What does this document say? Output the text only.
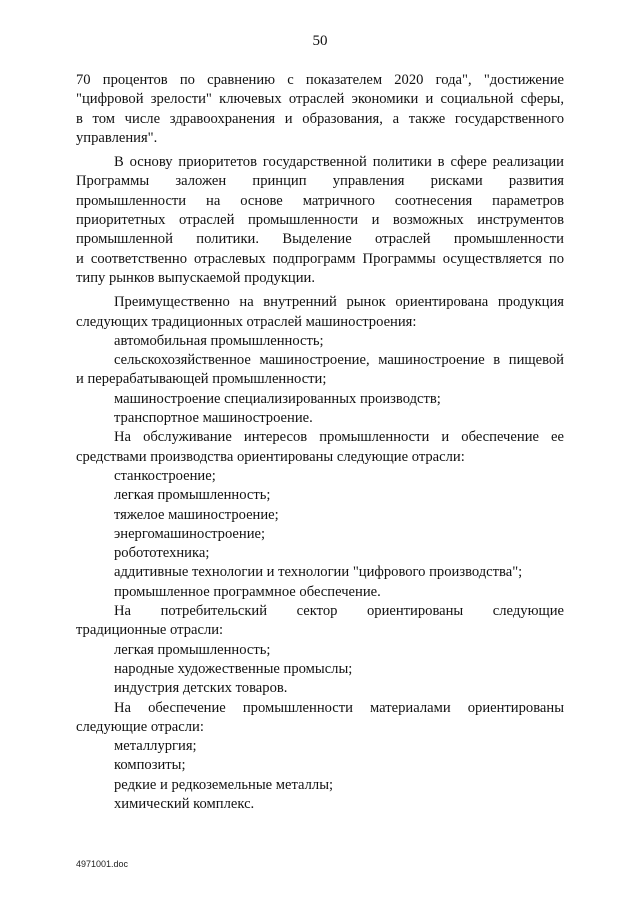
50

70 процентов по сравнению с показателем 2020 года", "достижение

"цифровой зрелости" ключевых отраслей экономики и социальной сферы,

в том числе здравоохранения и образования, а также государственного

управления".

В основу приоритетов государственной политики в сфере реализации

Программы заложен принцип управления рисками развития

промышленности на основе матричного соотнесения параметров

приоритетных отраслей промышленности и возможных инструментов

промышленной политики. Выделение отраслей промышленности

и соответственно отраслевых подпрограмм Программы осуществляется по

типу рынков выпускаемой продукции.

Преимущественно на внутренний рынок ориентирована продукция

следующих традиционных отраслей машиностроения:

автомобильная промышленность;

сельскохозяйственное машиностроение, машиностроение в пищевой

и перерабатывающей промышленности;

машиностроение специализированных производств;

транспортное машиностроение.

На обслуживание интересов промышленности и обеспечение ее

средствами производства ориентированы следующие отрасли:

станкостроение;

легкая промышленность;

тяжелое машиностроение;

энергомашиностроение;

робототехника;

аддитивные технологии и технологии "цифрового производства";

промышленное программное обеспечение.

На потребительский сектор ориентированы следующие

традиционные отрасли:

легкая промышленность;

народные художественные промыслы;

индустрия детских товаров.

На обеспечение промышленности материалами ориентированы

следующие отрасли:

металлургия;

композиты;

редкие и редкоземельные металлы;

химический комплекс.

4971001.doc
